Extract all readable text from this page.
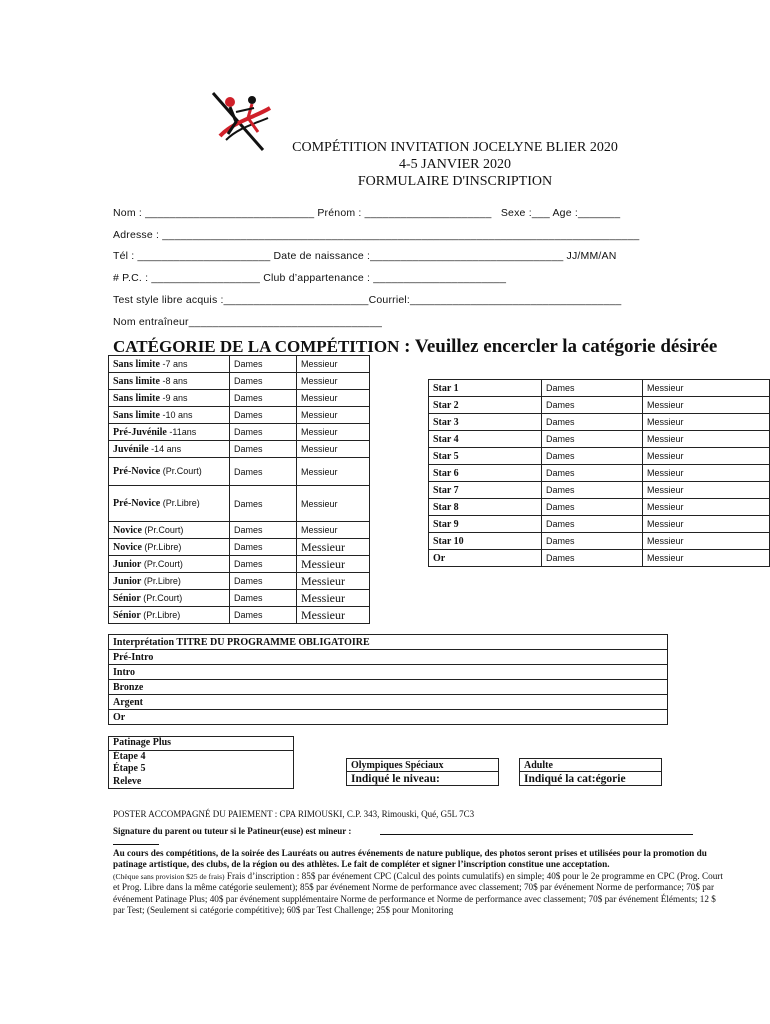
COMPÉTITION INVITATION JOCELYNE BLIER 2020
4-5 JANVIER 2020
FORMULAIRE D'INSCRIPTION
Nom : ____________________________ Prénom : _____________________   Sexe :___ Age :_______
Adresse : _______________________________________________________________________________
Tél : ______________________ Date de naissance :________________________________ JJ/MM/AN
# P.C. : __________________ Club d’appartenance : ______________________
Test style libre acquis :________________________Courriel:___________________________________
Nom entraîneur________________________________
CATÉGORIE DE LA COMPÉTITION : Veuillez encercler la catégorie désirée
Sans limite -7 ans	Dames	Messieur
Sans limite -8 ans	Dames	Messieur
Sans limite -9 ans	Dames	Messieur
Sans limite -10 ans	Dames	Messieur
Pré-Juvénile -11ans	Dames	Messieur
Juvénile -14 ans	Dames	Messieur
Pré-Novice (Pr.Court)	Dames	Messieur
Pré-Novice (Pr.Libre)	Dames	Messieur
Novice (Pr.Court)	Dames	Messieur
Novice (Pr.Libre)	Dames	Messieur
Junior (Pr.Court)	Dames	Messieur
Junior (Pr.Libre)	Dames	Messieur
Sénior (Pr.Court)	Dames	Messieur
Sénior (Pr.Libre)	Dames	Messieur
Star 1	Dames	Messieur
Star 2	Dames	Messieur
Star 3	Dames	Messieur
Star 4	Dames	Messieur
Star 5	Dames	Messieur
Star 6	Dames	Messieur
Star 7	Dames	Messieur
Star 8	Dames	Messieur
Star 9	Dames	Messieur
Star 10	Dames	Messieur
Or	Dames	Messieur
Interprétation TITRE DU PROGRAMME OBLIGATOIRE
Pré-Intro
Intro
Bronze
Argent
Or
Patinage Plus
Étape 4
Étape 5
Releve
Olympiques Spéciaux
Indiqué le niveau:
Adulte
Indiqué la cat:égorie
POSTER ACCOMPAGNÉ DU PAIEMENT : CPA RIMOUSKI, C.P. 343, Rimouski, Qué, G5L 7C3
Signature du parent ou tuteur si le Patineur(euse) est mineur :
Au cours des compétitions, de la soirée des Lauréats ou autres événements de nature publique, des photos seront prises et utilisées pour la promotion du patinage artistique, des clubs, de la région ou des athlètes. Le fait de compléter et signer l’inscription constitue une acceptation.
(Chèque sans provision $25 de frais) Frais d’inscription : 85$ par événement CPC (Calcul des points cumulatifs) en simple; 40$ pour le 2e programme en CPC (Prog. Court et Prog. Libre dans la même catégorie seulement); 85$ par événement Norme de performance avec classement; 70$ par événement Norme de performance; 70$ par événement Patinage Plus; 40$ par événement supplémentaire Norme de performance et Norme de performance avec classement; 70$ par événement Éléments; 12 $ par Test; (Seulement si catégorie compétitive); 60$ par Test Challenge; 25$ pour Monitoring
